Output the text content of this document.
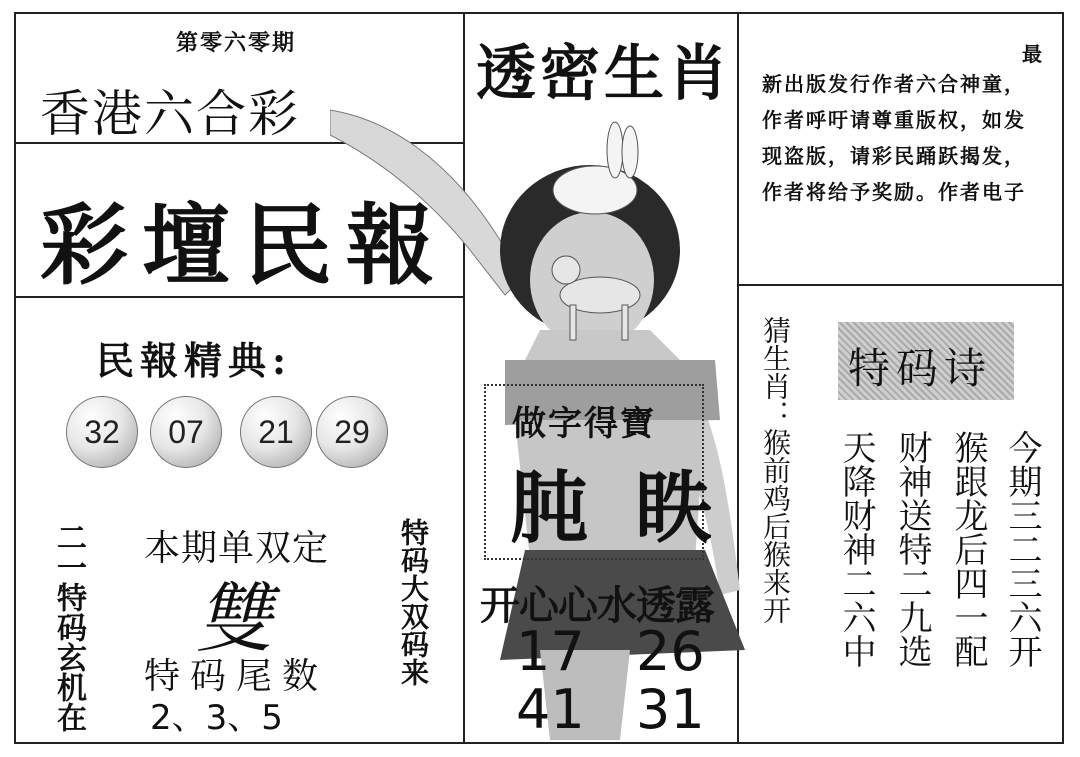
第零六零期
香港六合彩
彩壇民報
民報精典:
32	07	21	29
二一特码玄机在 本期单双定
雙
特码尾数
2、3、5
特码大双码来
透密生肖
做字得寶
肫 眣
开心心水透露
17 26
41 31
最
新出版发行作者六合神童，作者呼吁请尊重版权，如发现盗版，请彩民踊跃揭发，作者将给予奖励。作者电子
猜生肖：猴前鸡后猴来开 特码诗
今期三二三六开
猴跟龙后四一配
财神送特二九选
天降财神二六中
